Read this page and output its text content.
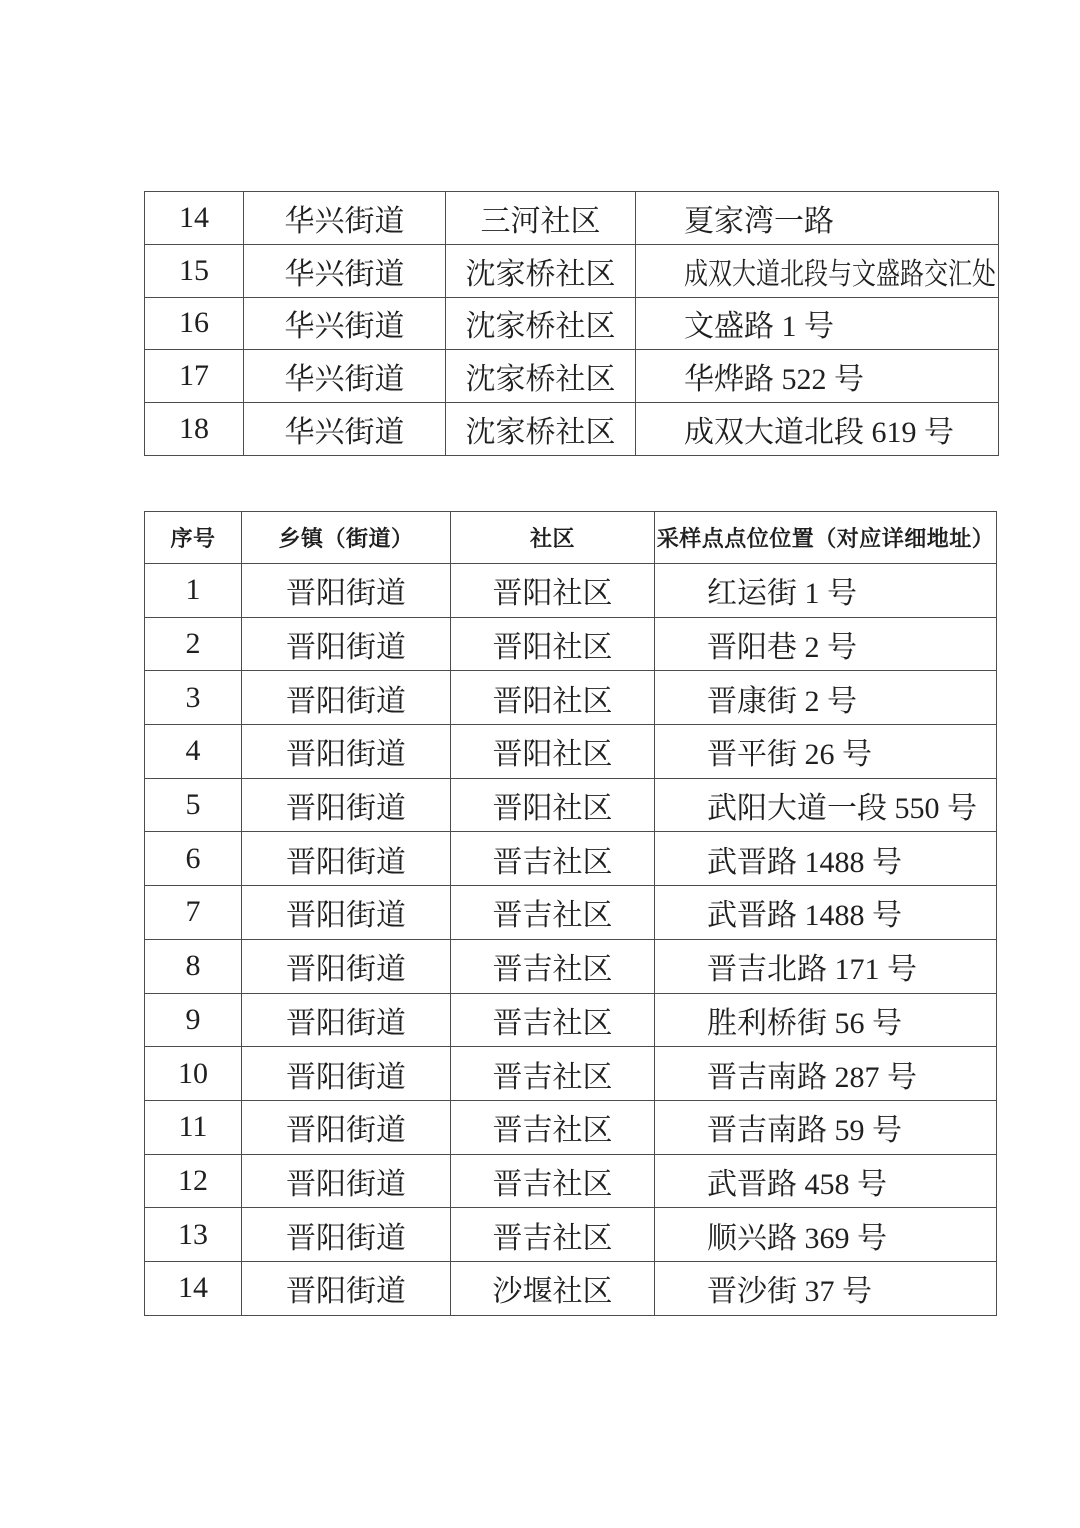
14	华兴街道	三河社区	夏家湾一路
15	华兴街道	沈家桥社区	成双大道北段与文盛路交汇处
16	华兴街道	沈家桥社区	文盛路 1 号
17	华兴街道	沈家桥社区	华烨路 522 号
18	华兴街道	沈家桥社区	成双大道北段 619 号
序号	乡镇（街道）	社区	采样点点位位置（对应详细地址）
1	晋阳街道	晋阳社区	红运街 1 号
2	晋阳街道	晋阳社区	晋阳巷 2 号
3	晋阳街道	晋阳社区	晋康街 2 号
4	晋阳街道	晋阳社区	晋平街 26 号
5	晋阳街道	晋阳社区	武阳大道一段 550 号
6	晋阳街道	晋吉社区	武晋路 1488 号
7	晋阳街道	晋吉社区	武晋路 1488 号
8	晋阳街道	晋吉社区	晋吉北路 171 号
9	晋阳街道	晋吉社区	胜利桥街 56 号
10	晋阳街道	晋吉社区	晋吉南路 287 号
11	晋阳街道	晋吉社区	晋吉南路 59 号
12	晋阳街道	晋吉社区	武晋路 458 号
13	晋阳街道	晋吉社区	顺兴路 369 号
14	晋阳街道	沙堰社区	晋沙街 37 号
